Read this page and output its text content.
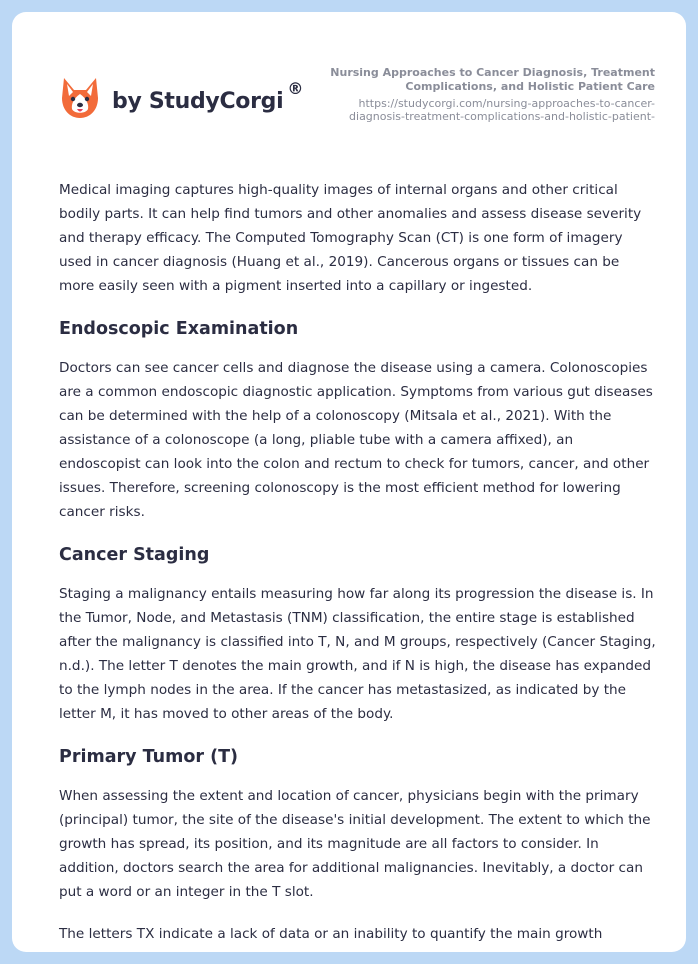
by StudyCorgi
®
Nursing Approaches to Cancer Diagnosis, Treatment Complications, and Holistic Patient Care
https://studycorgi.com/nursing-approaches-to-cancer-diagnosis-treatment-complications-and-holistic-patient-

Medical imaging captures high-quality images of internal organs and other critical bodily parts. It can help find tumors and other anomalies and assess disease severity and therapy efficacy. The Computed Tomography Scan (CT) is one form of imagery used in cancer diagnosis (Huang et al., 2019). Cancerous organs or tissues can be more easily seen with a pigment inserted into a capillary or ingested.

Endoscopic Examination

Doctors can see cancer cells and diagnose the disease using a camera. Colonoscopies are a common endoscopic diagnostic application. Symptoms from various gut diseases can be determined with the help of a colonoscopy (Mitsala et al., 2021). With the assistance of a colonoscope (a long, pliable tube with a camera affixed), an endoscopist can look into the colon and rectum to check for tumors, cancer, and other issues. Therefore, screening colonoscopy is the most efficient method for lowering cancer risks.

Cancer Staging

Staging a malignancy entails measuring how far along its progression the disease is. In the Tumor, Node, and Metastasis (TNM) classification, the entire stage is established after the malignancy is classified into T, N, and M groups, respectively (Cancer Staging, n.d.). The letter T denotes the main growth, and if N is high, the disease has expanded to the lymph nodes in the area. If the cancer has metastasized, as indicated by the letter M, it has moved to other areas of the body.

Primary Tumor (T)

When assessing the extent and location of cancer, physicians begin with the primary (principal) tumor, the site of the disease's initial development. The extent to which the growth has spread, its position, and its magnitude are all factors to consider. In addition, doctors search the area for additional malignancies. Inevitably, a doctor can put a word or an integer in the T slot.

The letters TX indicate a lack of data or an inability to quantify the main growth
